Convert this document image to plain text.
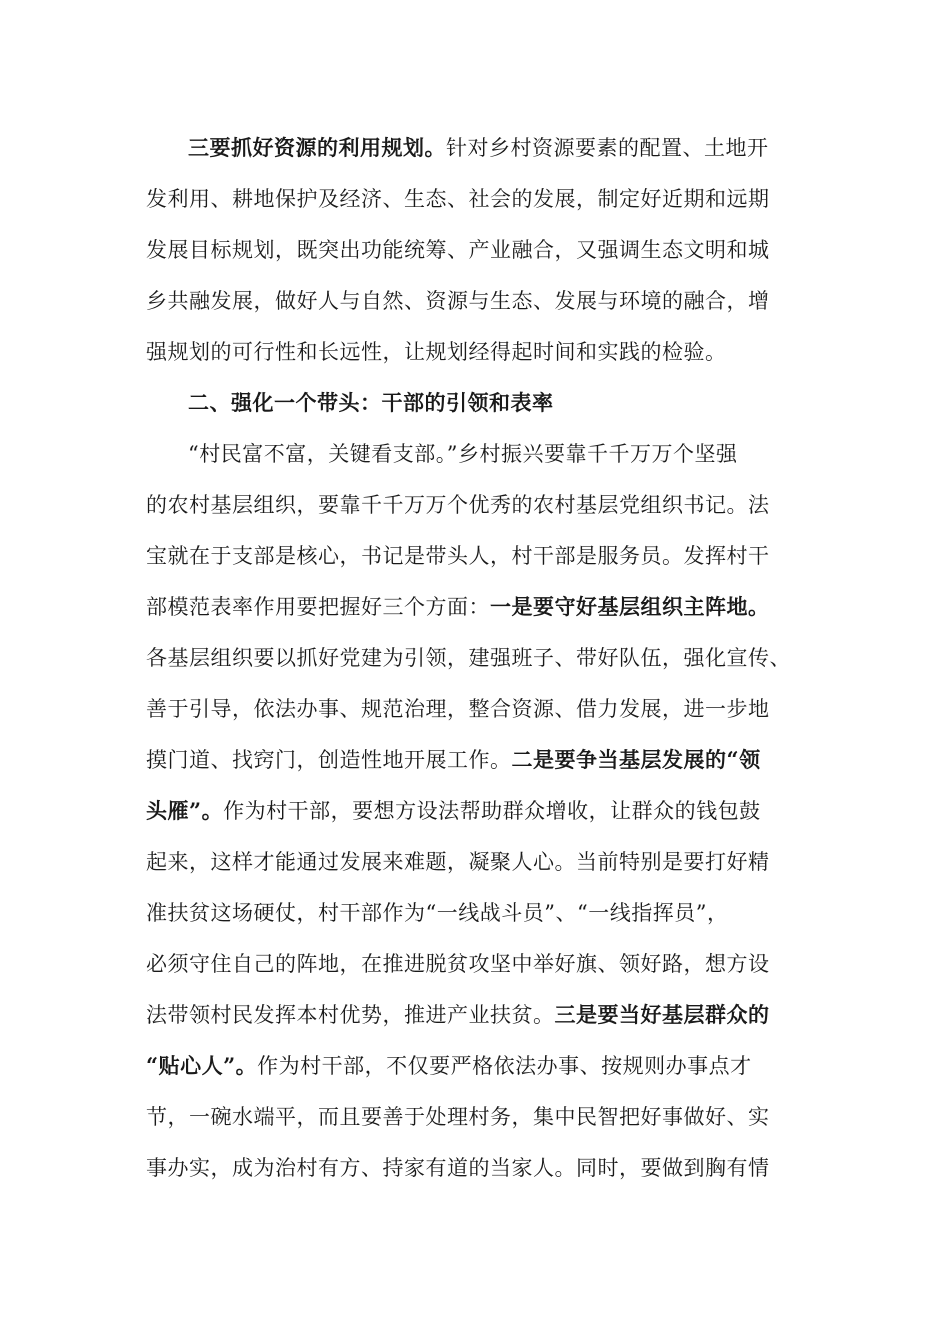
三要抓好资源的利用规划。针对乡村资源要素的配置、土地开
发利用、耕地保护及经济、生态、社会的发展，制定好近期和远期
发展目标规划，既突出功能统筹、产业融合，又强调生态文明和城
乡共融发展，做好人与自然、资源与生态、发展与环境的融合，增
强规划的可行性和长远性，让规划经得起时间和实践的检验。
二、强化一个带头：干部的引领和表率
“村民富不富，关键看支部。”乡村振兴要靠千千万万个坚强
的农村基层组织，要靠千千万万个优秀的农村基层党组织书记。法
宝就在于支部是核心，书记是带头人，村干部是服务员。发挥村干
部模范表率作用要把握好三个方面：一是要守好基层组织主阵地。
各基层组织要以抓好党建为引领，建强班子、带好队伍，强化宣传、
善于引导，依法办事、规范治理，整合资源、借力发展，进一步地
摸门道、找窍门，创造性地开展工作。二是要争当基层发展的“领
头雁”。作为村干部，要想方设法帮助群众增收，让群众的钱包鼓
起来，这样才能通过发展来难题，凝聚人心。当前特别是要打好精
准扶贫这场硬仗，村干部作为“一线战斗员”、“一线指挥员”，
必须守住自己的阵地，在推进脱贫攻坚中举好旗、领好路，想方设
法带领村民发挥本村优势，推进产业扶贫。三是要当好基层群众的
“贴心人”。作为村干部，不仅要严格依法办事、按规则办事点才
节，一碗水端平，而且要善于处理村务，集中民智把好事做好、实
事办实，成为治村有方、持家有道的当家人。同时，要做到胸有情
